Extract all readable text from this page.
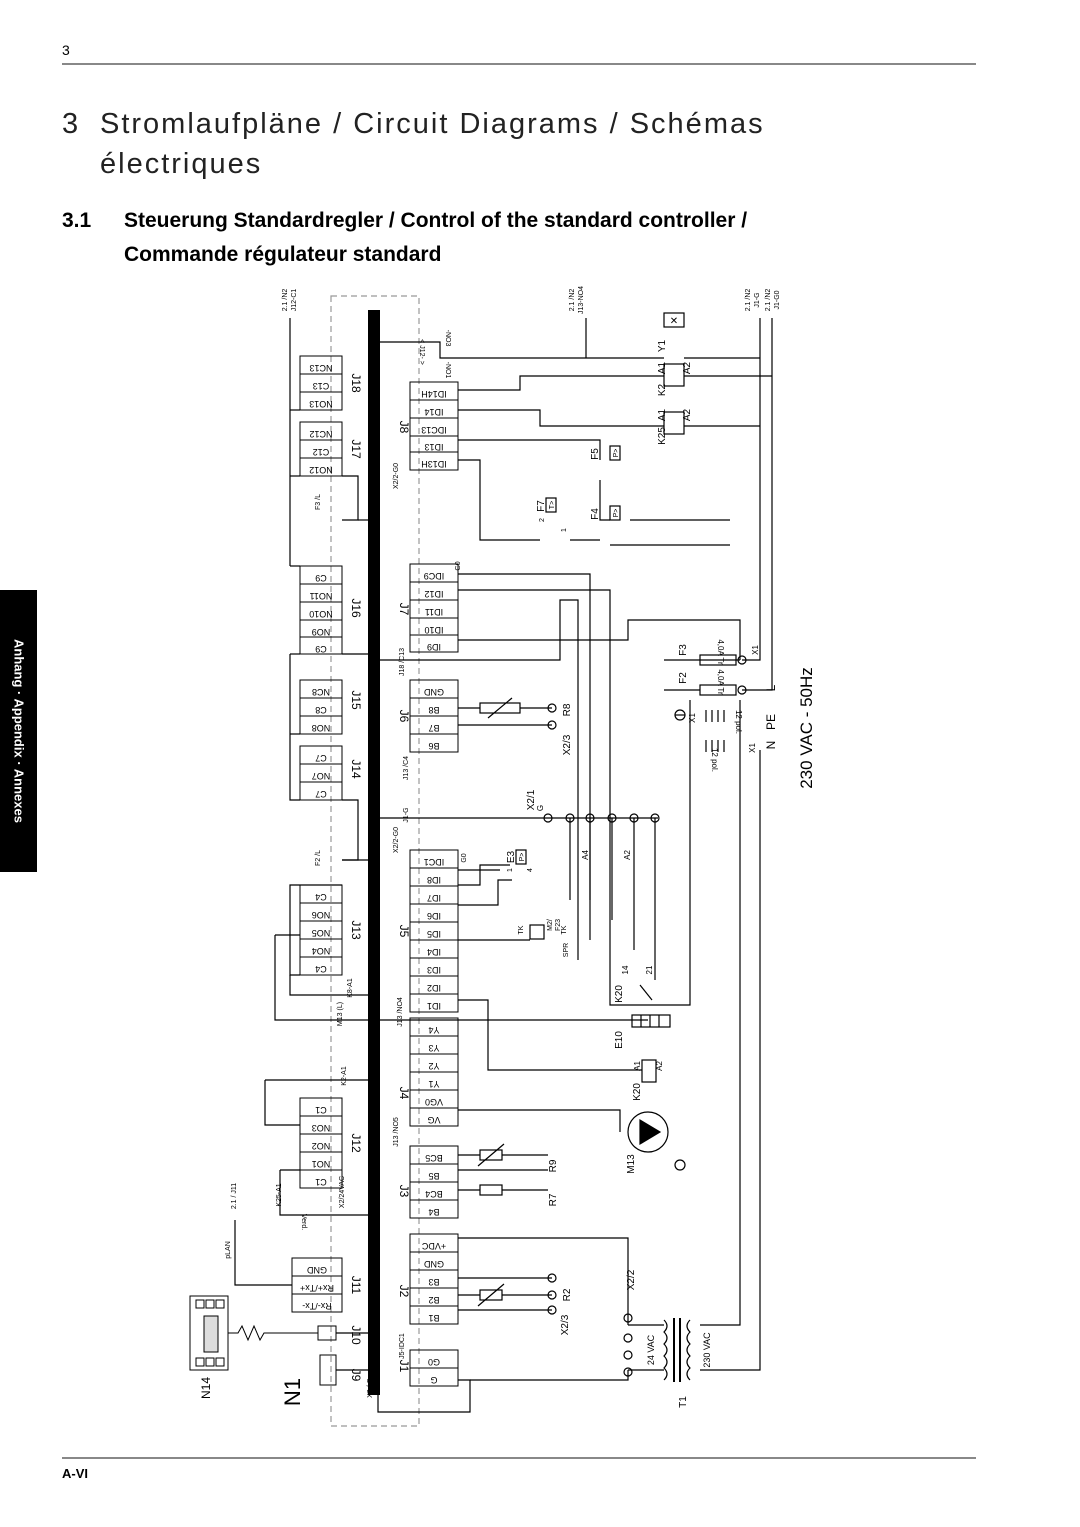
3
3 Stromlaufpläne / Circuit Diagrams / Schémas
électriques
3.1 Steuerung Standardregler / Control of the standard controller /
Commande régulateur standard
Anhang · Appendix · Annexes
✕
NC13
C13
NO13
NC12
C12
NO12
C9
NO11
NO10
NO9
C9
NC8
C8
NO8
C7
NO7
C7
C4
NO6
NO5
NO4
C4
C1
NO3
NO2
NO1
C1
GND
Rx+/Tx+
Rx-/Tx-
ID14H
ID14
IDC13
ID13
ID13H
IDC9
ID12
ID11
ID10
ID9
GND
B8
B7
B6
IDC1
ID8
ID7
ID6
ID5
ID4
ID3
ID2
ID1
Y4
Y3
Y2
Y1
VG0
VG
BC5
B5
BC4
B4
+VDC
GND
B3
B2
B1
G0
G
J18
J17
J16
J15
J14
J13
J12
J11
J10
J9
J8
J7
J6
J5
J4
J3
J2
J1
2.1 /N2 J12-C1	2.1 /N2 J13-NO4	2.1 /N2 J1-G 2.1 /N2 J1-G0
-NO3
-NO1
< J12- >
X2/2-G0
X2/2-G0
F3 /L
F2 /L
J18 /C13
J13 /C4
J1-G
G0
G0
M13 (L)
K8-A1
J13 /NO4
K2-A1
J13 /NO5
K25-A1	X2/24VAC
pLAN
2.1 / J11
Verd.
J5-IDC1
X2 / G
Y1
K2
A1 A2
K25
A1 A2
F5
F4
F7
F2
F3	4,0A Tr
4,0A Tr
X1
X1
X1
12 pol.
12 pol.
L
N
PE
R8
X2/3
X2/1 G
A4	A2
E3
TK	M2/ F23 TK
SPR
K20
14 21
E10
K20
A1 A2
M13
R9
R7
R2
X2/3
X2/2
24 VAC	230 VAC
T1
P>
P>
T>
P>
2
1
1 4
230 VAC - 50Hz
N1
N14
A-VI
